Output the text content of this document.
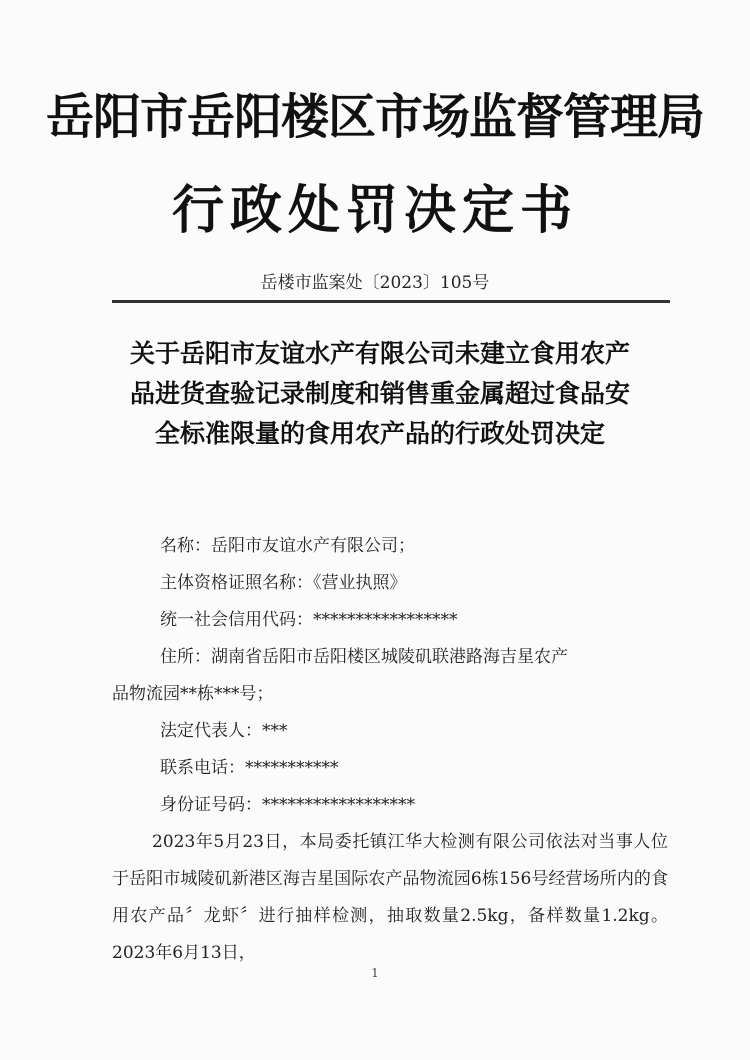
岳阳市岳阳楼区市场监督管理局
行政处罚决定书
岳楼市监案处〔2023〕105号
关于岳阳市友谊水产有限公司未建立食用农产品进货查验记录制度和销售重金属超过食品安全标准限量的食用农产品的行政处罚决定
名称：岳阳市友谊水产有限公司；
主体资格证照名称：《营业执照》
统一社会信用代码：*****************
住所：湖南省岳阳市岳阳楼区城陵矶联港路海吉星农产
品物流园**栋***号；
法定代表人：***
联系电话：***********
身份证号码：******************
2023年5月23日，本局委托镇江华大检测有限公司依法对当事人位于岳阳市城陵矶新港区海吉星国际农产品物流园6栋156号经营场所内的食用农产品〞龙虾〞进行抽样检测，抽取数量2.5kg，备样数量1.2kg。2023年6月13日，
1
